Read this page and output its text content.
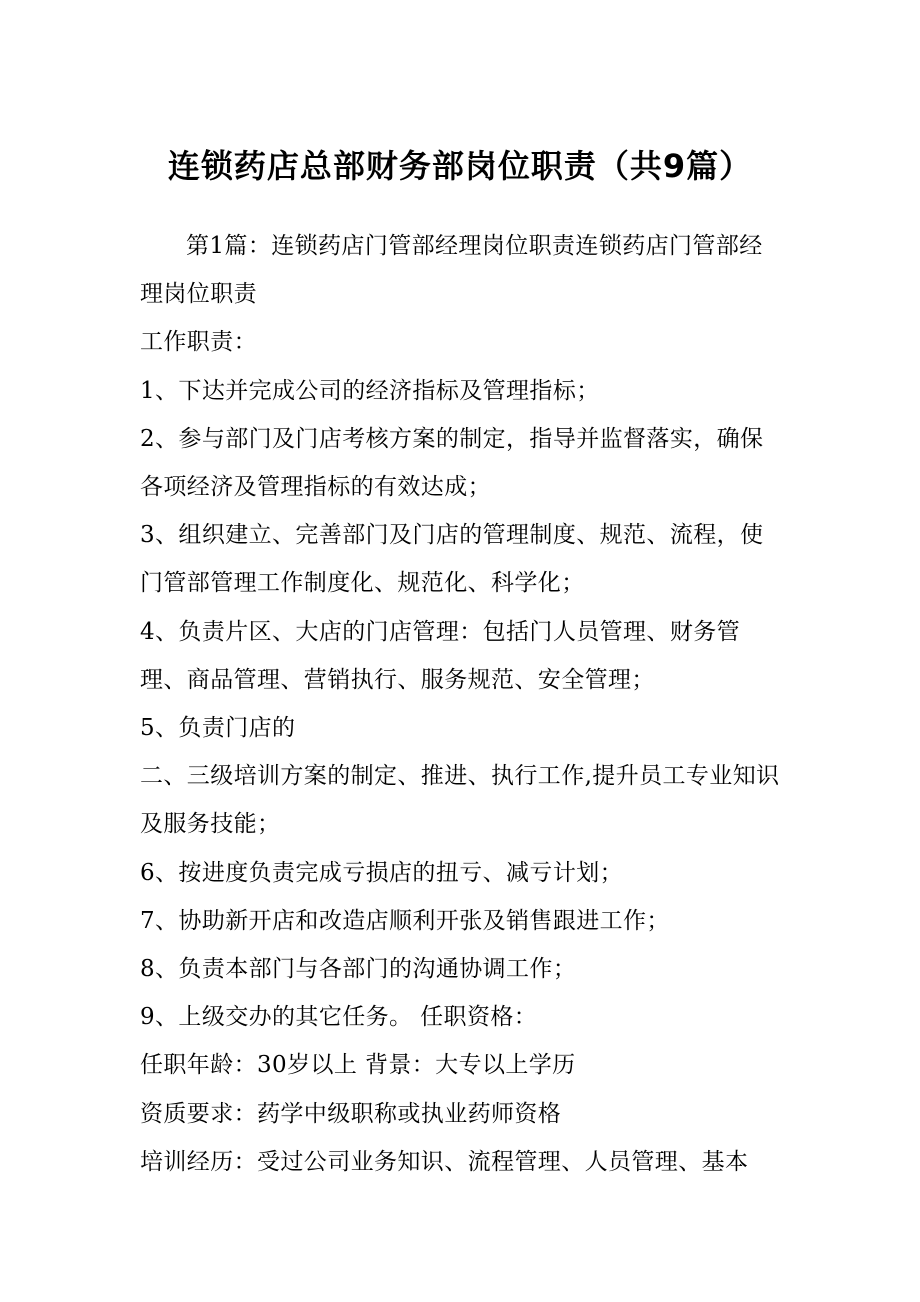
连锁药店总部财务部岗位职责（共9篇）

第1篇：连锁药店门管部经理岗位职责连锁药店门管部经理岗位职责

工作职责：

1、下达并完成公司的经济指标及管理指标；

2、参与部门及门店考核方案的制定，指导并监督落实，确保各项经济及管理指标的有效达成；

3、组织建立、完善部门及门店的管理制度、规范、流程，使门管部管理工作制度化、规范化、科学化；

4、负责片区、大店的门店管理：包括门人员管理、财务管理、商品管理、营销执行、服务规范、安全管理；

5、负责门店的

二、三级培训方案的制定、推进、执行工作,提升员工专业知识及服务技能；

6、按进度负责完成亏损店的扭亏、减亏计划；

7、协助新开店和改造店顺利开张及销售跟进工作；

8、负责本部门与各部门的沟通协调工作；

9、上级交办的其它任务。 任职资格：

任职年龄：30岁以上 背景：大专以上学历

资质要求：药学中级职称或执业药师资格

培训经历：受过公司业务知识、流程管理、人员管理、基本
